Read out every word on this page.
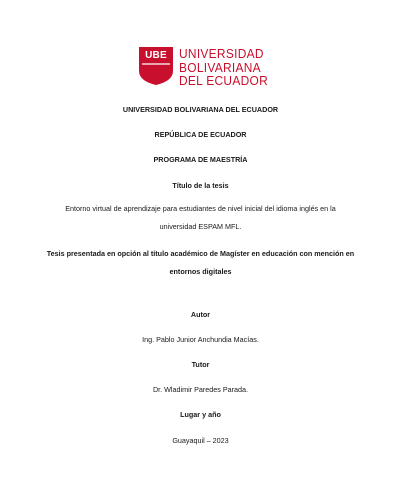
UBE UNIVERSIDAD
BOLIVARIANA
DEL ECUADOR
UNIVERSIDAD BOLIVARIANA DEL ECUADOR
REPÚBLICA DE ECUADOR
PROGRAMA DE MAESTRÍA
Título de la tesis
Entorno virtual de aprendizaje para estudiantes de nivel inicial del idioma inglés en la universidad ESPAM MFL.
Tesis presentada en opción al título académico de Magíster en educación con mención en entornos digitales
Autor
Ing. Pablo Junior Anchundia Macías.
Tutor
Dr. Wladimir Paredes Parada.
Lugar y año
Guayaquil – 2023
